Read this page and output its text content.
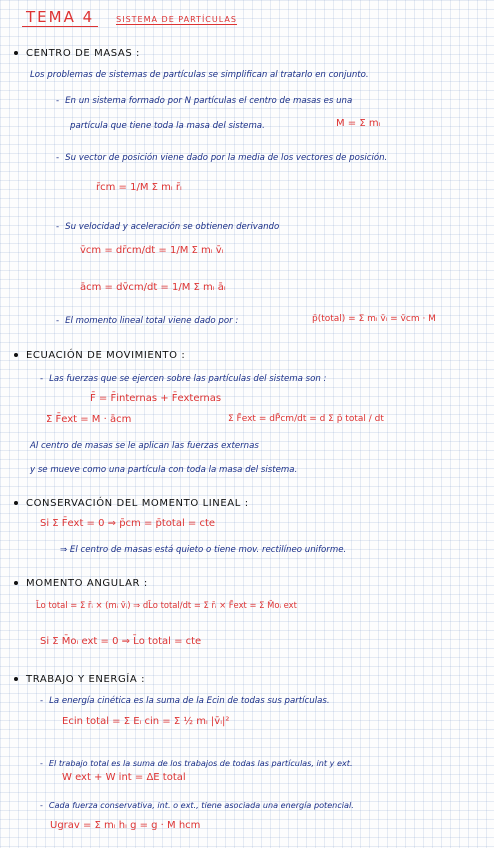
TEMA 4	SISTEMA DE PARTÍCULAS
CENTRO DE MASAS :
Los problemas de sistemas de partículas se simplifican al tratarlo en conjunto.
- En un sistema formado por N partículas el centro de masas es una
partícula que tiene toda la masa del sistema.	M = Σ mᵢ
- Su vector de posición viene dado por la media de los vectores de posición.
r̄cm = 1/M Σ mᵢ r̄ᵢ
- Su velocidad y aceleración se obtienen derivando
v̄cm = dr̄cm/dt = 1/M Σ mᵢ v̄ᵢ
ācm = dv̄cm/dt = 1/M Σ mᵢ āᵢ
- El momento lineal total viene dado por :	p̄(total) = Σ mᵢ v̄ᵢ = v̄cm · M
ECUACIÓN DE MOVIMIENTO :
- Las fuerzas que se ejercen sobre las partículas del sistema son :
F̄ = F̄internas + F̄externas
Σ F̄ext = M · ācm	Σ F̄ext = dP̄cm/dt = d Σ p̄ total / dt
Al centro de masas se le aplican las fuerzas externas
y se mueve como una partícula con toda la masa del sistema.
CONSERVACIÓN DEL MOMENTO LINEAL :
Si Σ F̄ext = 0 ⇒ p̄cm = p̄total = cte
⇒ El centro de masas está quieto o tiene mov. rectilíneo uniforme.
MOMENTO ANGULAR :
L̄o total = Σ r̄ᵢ × (mᵢ v̄ᵢ) ⇒ dL̄o total/dt = Σ r̄ᵢ × F̄ext = Σ M̄oᵢ ext
Si Σ M̄oᵢ ext = 0 ⇒ L̄o total = cte
TRABAJO Y ENERGÍA :
- La energía cinética es la suma de la Ecin de todas sus partículas.
Ecin total = Σ Eᵢ cin = Σ ½ mᵢ |v̄ᵢ|²
- El trabajo total es la suma de los trabajos de todas las partículas, int y ext.
W ext + W int = ΔE total
- Cada fuerza conservativa, int. o ext., tiene asociada una energía potencial.
Ugrav = Σ mᵢ hᵢ g = g · M hcm
